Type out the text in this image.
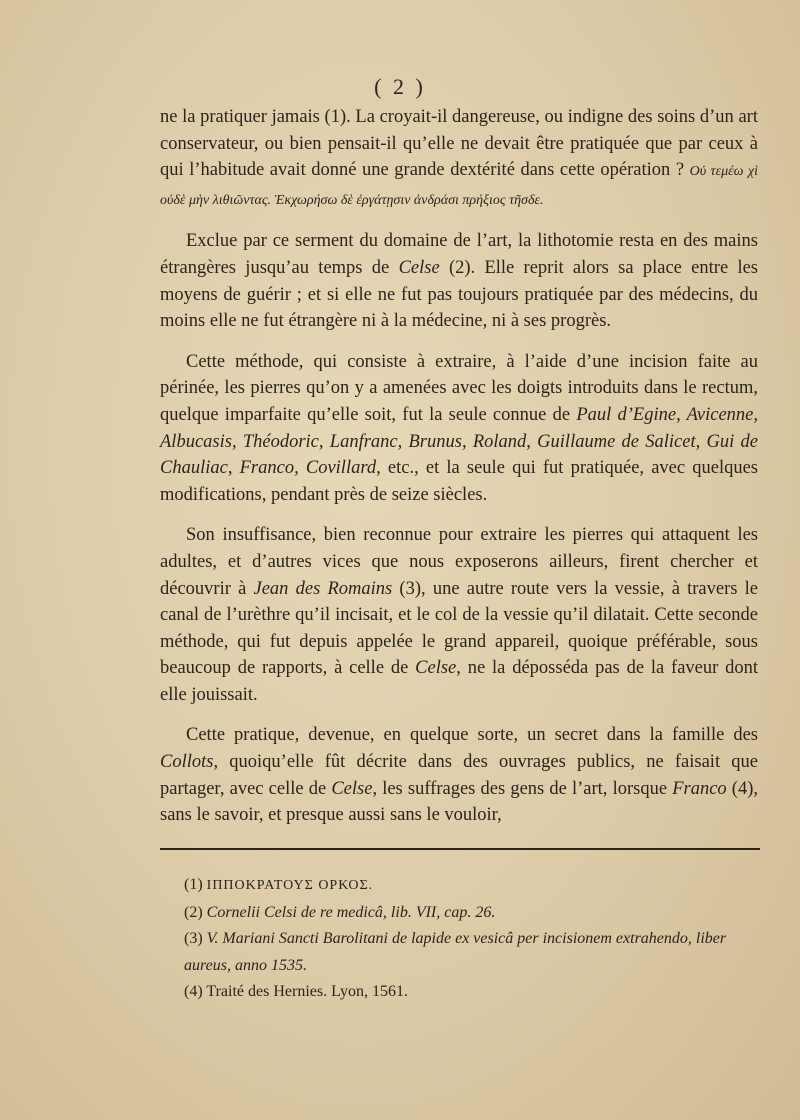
( 2 )

ne la pratiquer jamais (1). La croyait-il dangereuse, ou indigne des soins d’un art conservateur, ou bien pensait-il qu’elle ne devait être pratiquée que par ceux à qui l’habitude avait donné une grande dextérité dans cette opération ? Οὐ τεμέω χὶ οὐδὲ μὴν λιθιῶντας. Ἐκχωρήσω δὲ ἐργάτῃσιν ἀνδράσι πρήξιος τῆσδε.

Exclue par ce serment du domaine de l’art, la lithotomie resta en des mains étrangères jusqu’au temps de Celse (2). Elle reprit alors sa place entre les moyens de guérir ; et si elle ne fut pas toujours pratiquée par des médecins, du moins elle ne fut étrangère ni à la médecine, ni à ses progrès.

Cette méthode, qui consiste à extraire, à l’aide d’une incision faite au périnée, les pierres qu’on y a amenées avec les doigts introduits dans le rectum, quelque imparfaite qu’elle soit, fut la seule connue de Paul d’Egine, Avicenne, Albucasis, Théodoric, Lanfranc, Brunus, Roland, Guillaume de Salicet, Gui de Chauliac, Franco, Covillard, etc., et la seule qui fut pratiquée, avec quelques modifications, pendant près de seize siècles.

Son insuffisance, bien reconnue pour extraire les pierres qui attaquent les adultes, et d’autres vices que nous exposerons ailleurs, firent chercher et découvrir à Jean des Romains (3), une autre route vers la vessie, à travers le canal de l’urèthre qu’il incisait, et le col de la vessie qu’il dilatait. Cette seconde méthode, qui fut depuis appelée le grand appareil, quoique préférable, sous beaucoup de rapports, à celle de Celse, ne la déposséda pas de la faveur dont elle jouissait.

Cette pratique, devenue, en quelque sorte, un secret dans la famille des Collots, quoiqu’elle fût décrite dans des ouvrages publics, ne faisait que partager, avec celle de Celse, les suffrages des gens de l’art, lorsque Franco (4), sans le savoir, et presque aussi sans le vouloir,

(1) ΙΠΠΟΚΡΑΤΟΥΣ ΟΡΚΟΣ.

(2) Cornelii Celsi de re medicâ, lib. VII, cap. 26.

(3) V. Mariani Sancti Barolitani de lapide ex vesicâ per incisionem extrahendo, liber aureus, anno 1535.

(4) Traité des Hernies. Lyon, 1561.
